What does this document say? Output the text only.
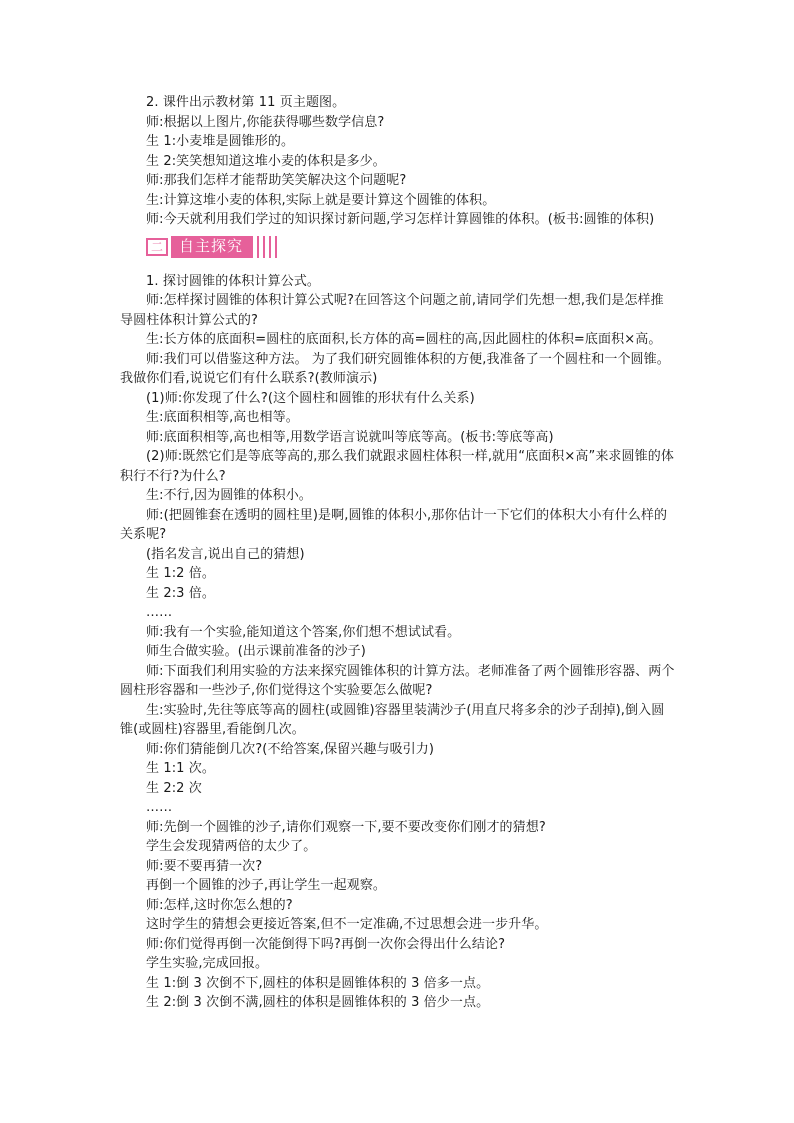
2. 课件出示教材第 11 页主题图。

师:根据以上图片,你能获得哪些数学信息?

生 1:小麦堆是圆锥形的。

生 2:笑笑想知道这堆小麦的体积是多少。

师:那我们怎样才能帮助笑笑解决这个问题呢?

生:计算这堆小麦的体积,实际上就是要计算这个圆锥的体积。

师:今天就利用我们学过的知识探讨新问题,学习怎样计算圆锥的体积。(板书:圆锥的体积)

二	自主探究

1. 探讨圆锥的体积计算公式。

师:怎样探讨圆锥的体积计算公式呢?在回答这个问题之前,请同学们先想一想,我们是怎样推导圆柱体积计算公式的?

生:长方体的底面积=圆柱的底面积,长方体的高=圆柱的高,因此圆柱的体积=底面积×高。

师:我们可以借鉴这种方法。 为了我们研究圆锥体积的方便,我准备了一个圆柱和一个圆锥。我做你们看,说说它们有什么联系?(教师演示)

(1)师:你发现了什么?(这个圆柱和圆锥的形状有什么关系)

生:底面积相等,高也相等。

师:底面积相等,高也相等,用数学语言说就叫等底等高。(板书:等底等高)

(2)师:既然它们是等底等高的,那么我们就跟求圆柱体积一样,就用“底面积×高”来求圆锥的体积行不行?为什么?

生:不行,因为圆锥的体积小。

师:(把圆锥套在透明的圆柱里)是啊,圆锥的体积小,那你估计一下它们的体积大小有什么样的关系呢?

(指名发言,说出自己的猜想)

生 1:2 倍。

生 2:3 倍。

……

师:我有一个实验,能知道这个答案,你们想不想试试看。

师生合做实验。(出示课前准备的沙子)

师:下面我们利用实验的方法来探究圆锥体积的计算方法。老师准备了两个圆锥形容器、两个圆柱形容器和一些沙子,你们觉得这个实验要怎么做呢?

生:实验时,先往等底等高的圆柱(或圆锥)容器里装满沙子(用直尺将多余的沙子刮掉),倒入圆锥(或圆柱)容器里,看能倒几次。

师:你们猜能倒几次?(不给答案,保留兴趣与吸引力)

生 1:1 次。

生 2:2 次

……

师:先倒一个圆锥的沙子,请你们观察一下,要不要改变你们刚才的猜想?

学生会发现猜两倍的太少了。

师:要不要再猜一次?

再倒一个圆锥的沙子,再让学生一起观察。

师:怎样,这时你怎么想的?

这时学生的猜想会更接近答案,但不一定准确,不过思想会进一步升华。

师:你们觉得再倒一次能倒得下吗?再倒一次你会得出什么结论?

学生实验,完成回报。

生 1:倒 3 次倒不下,圆柱的体积是圆锥体积的 3 倍多一点。

生 2:倒 3 次倒不满,圆柱的体积是圆锥体积的 3 倍少一点。
